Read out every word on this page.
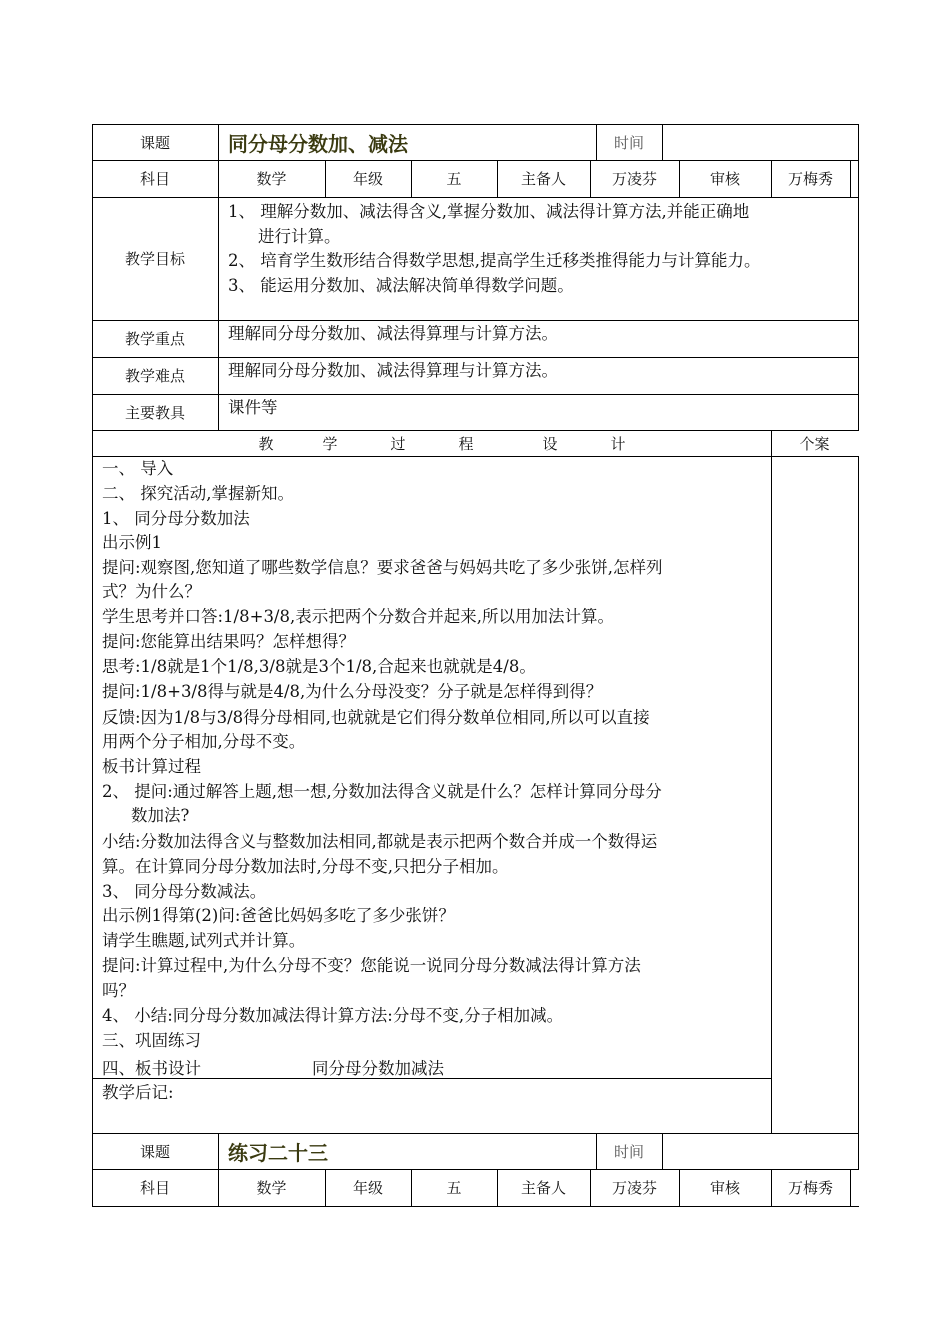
课题	同分母分数加、减法	时间
科目	数学	年级	五	主备人	万凌芬	审核	万梅秀
教学目标
1、 理解分数加、减法得含义,掌握分数加、减法得计算方法,并能正确地
进行计算。
2、 培育学生数形结合得数学思想,提高学生迁移类推得能力与计算能力。
3、 能运用分数加、减法解决简单得数学问题。
教学重点	理解同分母分数加、减法得算理与计算方法。
教学难点	理解同分母分数加、减法得算理与计算方法。
主要教具	课件等
教	学	过	程	设	计	个案
一、 导入
二、 探究活动,掌握新知。
1、 同分母分数加法
出示例1
提问:观察图,您知道了哪些数学信息？要求爸爸与妈妈共吃了多少张饼,怎样列
式？为什么？
学生思考并口答:1/8+3/8,表示把两个分数合并起来,所以用加法计算。
提问:您能算出结果吗？怎样想得？
思考:1/8就是1个1/8,3/8就是3个1/8,合起来也就就是4/8。
提问:1/8+3/8得与就是4/8,为什么分母没变？分子就是怎样得到得？
反馈:因为1/8与3/8得分母相同,也就就是它们得分数单位相同,所以可以直接
用两个分子相加,分母不变。
板书计算过程
2、 提问:通过解答上题,想一想,分数加法得含义就是什么？怎样计算同分母分
数加法?
小结:分数加法得含义与整数加法相同,都就是表示把两个数合并成一个数得运
算。在计算同分母分数加法时,分母不变,只把分子相加。
3、 同分母分数减法。
出示例1得第(2)问:爸爸比妈妈多吃了多少张饼？
请学生瞧题,试列式并计算。
提问:计算过程中,为什么分母不变？您能说一说同分母分数减法得计算方法
吗？
4、 小结:同分母分数加减法得计算方法:分母不变,分子相加减。
三、巩固练习
四、板书设计	同分母分数加减法
教学后记:
课题	练习二十三	时间
科目	数学	年级	五	主备人	万凌芬	审核	万梅秀
